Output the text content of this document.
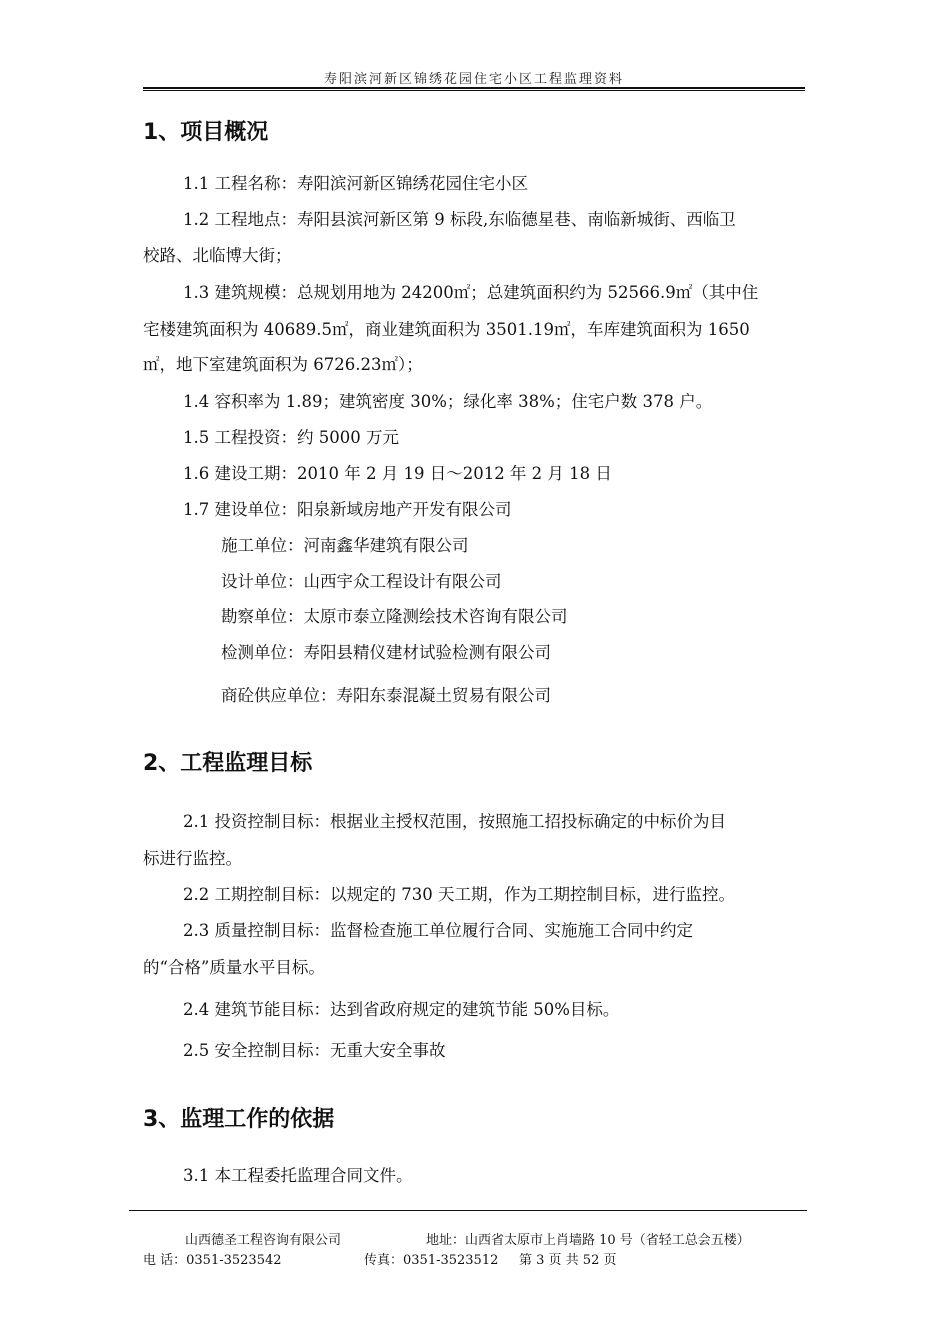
寿阳滨河新区锦绣花园住宅小区工程监理资料
1、项目概况
1.1 工程名称：寿阳滨河新区锦绣花园住宅小区
1.2 工程地点：寿阳县滨河新区第 9 标段,东临德星巷、南临新城街、西临卫
校路、北临博大街；
1.3 建筑规模：总规划用地为 24200㎡；总建筑面积约为 52566.9㎡（其中住
宅楼建筑面积为 40689.5㎡，商业建筑面积为 3501.19㎡，车库建筑面积为 1650
㎡，地下室建筑面积为 6726.23㎡）；
1.4 容积率为 1.89；建筑密度 30%；绿化率 38%；住宅户数 378 户。
1.5 工程投资：约 5000 万元
1.6 建设工期：2010 年 2 月 19 日～2012 年 2 月 18 日
1.7 建设单位：阳泉新域房地产开发有限公司
施工单位：河南鑫华建筑有限公司
设计单位：山西宇众工程设计有限公司
勘察单位：太原市泰立隆测绘技术咨询有限公司
检测单位：寿阳县精仪建材试验检测有限公司
商砼供应单位：寿阳东泰混凝土贸易有限公司
2、工程监理目标
2.1 投资控制目标：根据业主授权范围，按照施工招投标确定的中标价为目
标进行监控。
2.2 工期控制目标：以规定的 730 天工期，作为工期控制目标，进行监控。
2.3 质量控制目标：监督检查施工单位履行合同、实施施工合同中约定
的“合格”质量水平目标。
2.4 建筑节能目标：达到省政府规定的建筑节能 50%目标。
2.5 安全控制目标：无重大安全事故
3、监理工作的依据
3.1 本工程委托监理合同文件。
山西德圣工程咨询有限公司	地址：山西省太原市上肖墙路 10 号（省轻工总会五楼）
电 话：0351-3523542	传真：0351-3523512 第 3 页 共 52 页
